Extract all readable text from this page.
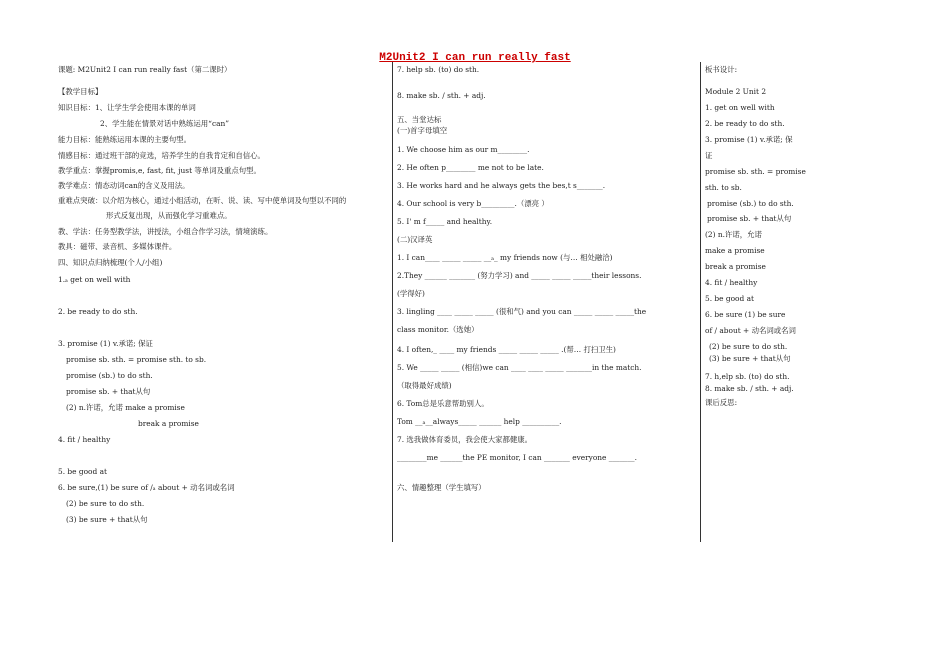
M2Unit2 I can run really fast
课题: M2Unit2 I can run really fast（第二课时）
【教学目标】
知识目标：1、让学生学会使用本课的单词
2、学生能在情景对话中熟练运用“can”
能力目标：能熟练运用本课的主要句型。
情感目标：通过班干部的竞选，培养学生的自我肯定和自信心。
教学重点：掌握promis,e, fast, fit, just 等单词及重点句型。
教学难点：情态动词can的含义及用法。
重难点突破：以介绍为核心，通过小组活动，在听、说、读、写中使单词及句型以不同的
形式反复出现，从而强化学习重难点。
教、学法：任务型教学法，讲授法，小组合作学习法，情境演练。
教具：磁带、录音机、多媒体课件。
四、知识点归纳梳理(个人/小组)
1.ₐ get on well with
2. be ready to do sth.
3. promise (1) v.承诺; 保证
promise sb. sth. = promise sth. to sb.
promise (sb.) to do sth.
promise sb. + that从句
(2) n.许诺，允诺 make a promise
break a promise
4. fit / healthy
5. be good at
6. be sure,(1) be sure of /ₐ about + 动名词或名词
(2) be sure to do sth.
(3) be sure + that从句
7. help sb. (to) do sth.
8. make sb. / sth. + adj.
五、当堂达标
(一)首字母填空
1. We choose him as our m________.
2. He often p________ me not to be late.
3. He works hard and he always gets the bes,t s_______.
4. Our school is very b_________.（漂亮 ）
5. I' m f_____ and healthy.
(二)汉译英
1. I can____ _____ _____ __ₐ_ my friends now (与… 相处融洽)
2.They ______ _______ (努力学习) and _____ _____ _____their lessons.
(学得好)
3. lingling ____ _____ _____ (很和气) and you can _____ _____ _____the
class monitor.（选她）
4. I often,_ ____ my friends _____ _____ _____ .(帮… 打扫卫生)
5. We _____ _____ (相信)we can ____ ____ _____ _______in the match.
（取得最好成绩)
6. Tom总是乐意帮助别人。
Tom __ₐ__always_____ ______ help __________.
7. 选我做体育委员，我会使大家都健康。
________me ______the PE monitor, I can _______ everyone _______.
六、情趣整理（学生填写）
板书设计:
Module 2 Unit 2
1. get on well with
2. be ready to do sth.
3. promise (1) v.承诺; 保
证
promise sb. sth. = promise
sth. to sb.
promise (sb.) to do sth.
promise sb. + that从句
(2) n.许诺，允诺
make a promise
break a promise
4. fit / healthy
5. be good at
6. be sure (1) be sure
of / about + 动名词或名词
(2) be sure to do sth.
(3) be sure + that从句
7. h,elp sb. (to) do sth.
8. make sb. / sth. + adj.
课后反思:
